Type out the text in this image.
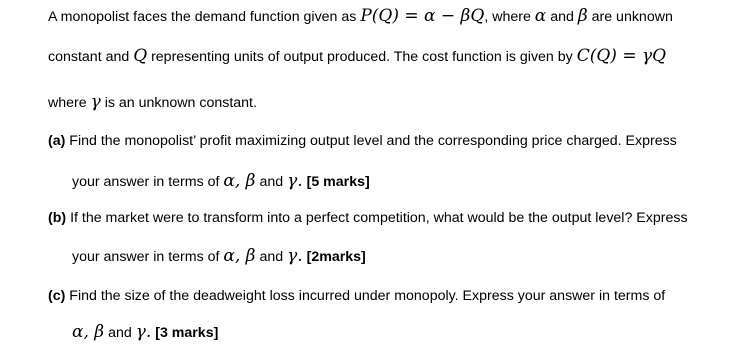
A monopolist faces the demand function given as P(Q) = α − βQ, where α and β are unknown
constant and Q representing units of output produced. The cost function is given by C(Q) = γQ
where γ is an unknown constant.
(a) Find the monopolist’ profit maximizing output level and the corresponding price charged. Express
your answer in terms of α, β and γ. [5 marks]
(b) If the market were to transform into a perfect competition, what would be the output level? Express
your answer in terms of α, β and γ. [2marks]
(c) Find the size of the deadweight loss incurred under monopoly. Express your answer in terms of
α, β and γ. [3 marks]
